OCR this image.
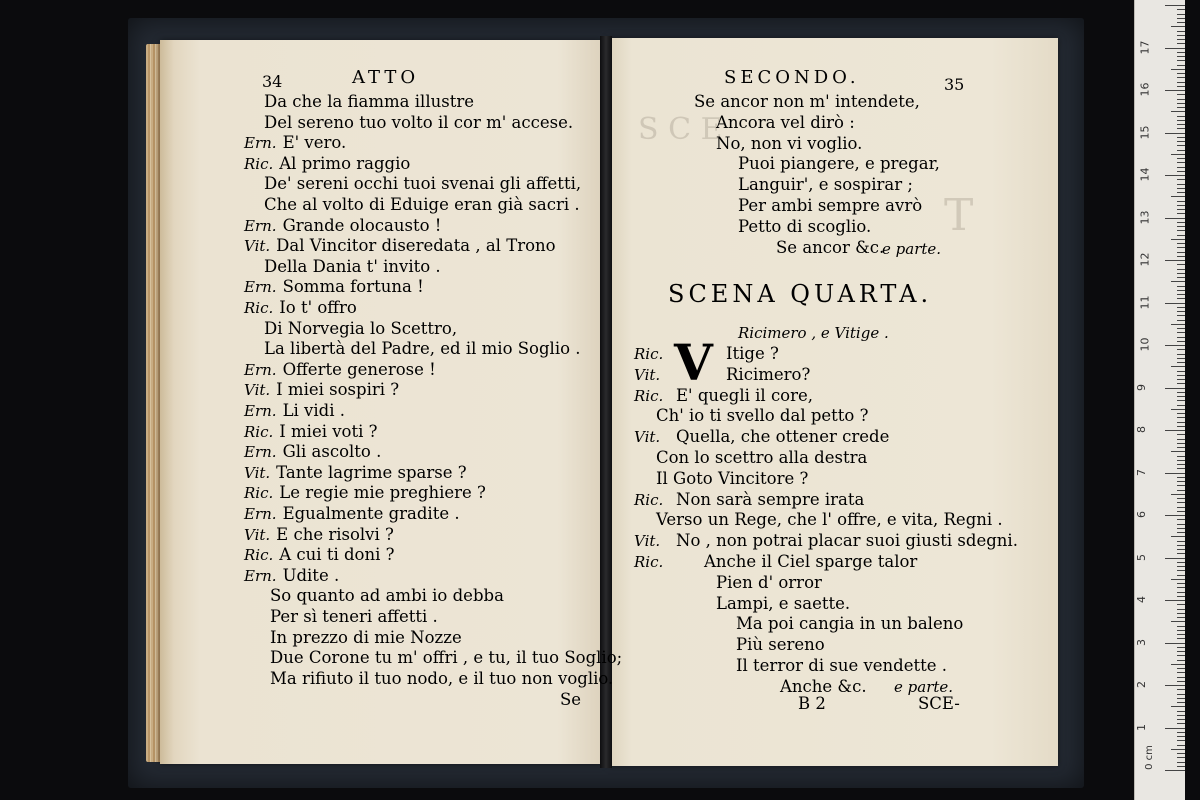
S C E
T
34	ATTO
Da che la fiamma illustre
Del sereno tuo volto il cor m' accese.
Ern. E' vero.
Ric. Al primo raggio
De' sereni occhi tuoi svenai gli affetti,
Che al volto di Eduige eran già sacri .
Ern. Grande olocausto !
Vit. Dal Vincitor diseredata , al Trono
Della Dania t' invito .
Ern. Somma fortuna !
Ric. Io t' offro
Di Norvegia lo Scettro,
La libertà del Padre, ed il mio Soglio .
Ern. Offerte generose !
Vit. I miei sospiri ?
Ern. Li vidi .
Ric. I miei voti ?
Ern. Gli ascolto .
Vit. Tante lagrime sparse ?
Ric. Le regie mie preghiere ?
Ern. Egualmente gradite .
Vit. E che risolvi ?
Ric. A cui ti doni ?
Ern. Udite .
So quanto ad ambi io debba
Per sì teneri affetti .
In prezzo di mie Nozze
Due Corone tu m' offri , e tu, il tuo Soglio;
Ma rifiuto il tuo nodo, e il tuo non voglio.
Se
SECONDO.	35
Se ancor non m' intendete,
Ancora vel dirò :
No, non vi voglio.
Puoi piangere, e pregar,
Languir', e sospirar ;
Per ambi sempre avrò
Petto di scoglio.
Se ancor &c.
e parte.
SCENA QUARTA.
Ricimero , e Vitige .
V
Ric.	Itige ?
Vit.	Ricimero?
Ric. E' quegli il core,
Ch' io ti svello dal petto ?
Vit. Quella, che ottener crede
Con lo scettro alla destra
Il Goto Vincitore ?
Ric. Non sarà sempre irata
Verso un Rege, che l' offre, e vita, Regni .
Vit. No , non potrai placar suoi giusti sdegni.
Ric. Anche il Ciel sparge talor
Pien d' orror
Lampi, e saette.
Ma poi cangia in un baleno
Più sereno
Il terror di sue vendette .
Anche &c. e parte.
B 2	SCE-
1
2
3
4
5
6
7
8
9
10
11
12
13
14
15
16
17
0 cm
